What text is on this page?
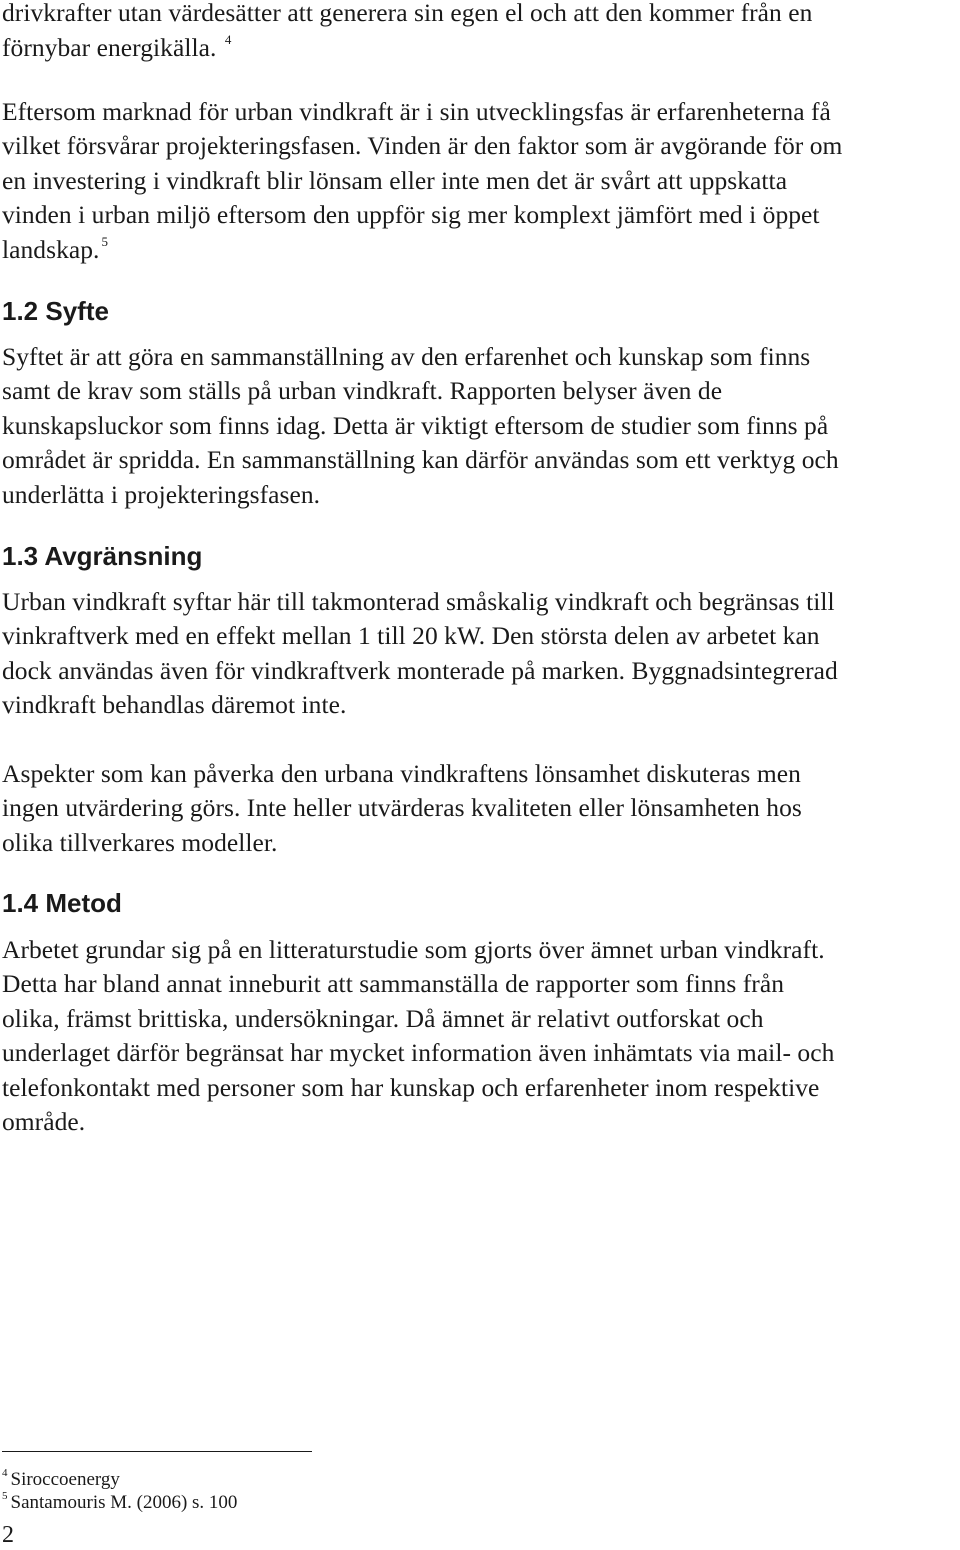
drivkrafter utan värdesätter att generera sin egen el och att den kommer från en
förnybar energikälla. $^4$
Eftersom marknad för urban vindkraft är i sin utvecklingsfas är erfarenheterna få
vilket försvårar projekteringsfasen. Vinden är den faktor som är avgörande för om
en investering i vindkraft blir lönsam eller inte men det är svårt att uppskatta
vinden i urban miljö eftersom den uppför sig mer komplext jämfört med i öppet
landskap. $^5$
1.2 Syfte
Syftet är att göra en sammanställning av den erfarenhet och kunskap som finns
samt de krav som ställs på urban vindkraft. Rapporten belyser även de
kunskapsluckor som finns idag. Detta är viktigt eftersom de studier som finns på
området är spridda. En sammanställning kan därför användas som ett verktyg och
underlätta i projekteringsfasen.
1.3 Avgränsning
Urban vindkraft syftar här till takmonterad småskalig vindkraft och begränsas till
vinkraftverk med en effekt mellan 1 till 20 kW. Den största delen av arbetet kan
dock användas även för vindkraftverk monterade på marken. Byggnadsintegrerad
vindkraft behandlas däremot inte.
Aspekter som kan påverka den urbana vindkraftens lönsamhet diskuteras men
ingen utvärdering görs. Inte heller utvärderas kvaliteten eller lönsamheten hos
olika tillverkares modeller.
1.4 Metod
Arbetet grundar sig på en litteraturstudie som gjorts över ämnet urban vindkraft.
Detta har bland annat inneburit att sammanställa de rapporter som finns från
olika, främst brittiska, undersökningar. Då ämnet är relativt outforskat och
underlaget därför begränsat har mycket information även inhämtats via mail- och
telefonkontakt med personer som har kunskap och erfarenheter inom respektive
område.
$^4$ Siroccoenergy
$^5$ Santamouris M. (2006) s. 100
2
